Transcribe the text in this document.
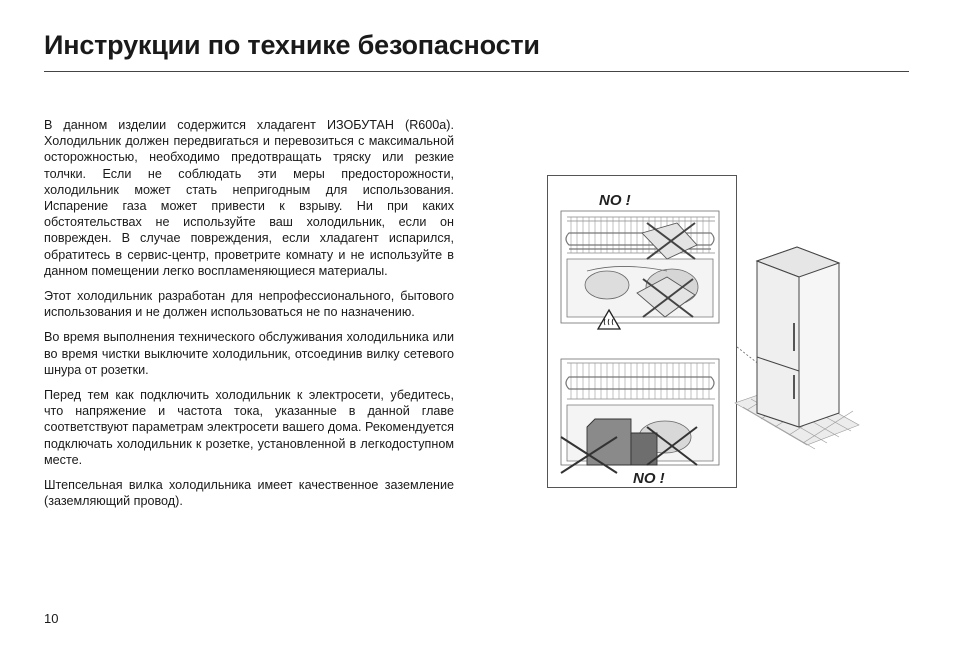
Инструкции по технике безопасности

В данном изделии содержится хладагент ИЗОБУТАН (R600a). Холодильник должен передвигаться и перевозиться с максимальной осторожностью, необходимо предотвращать тряску или резкие толчки. Если не соблюдать эти меры предосторожности, холодильник может стать непригодным для использования. Испарение газа может привести к взрыву. Ни при каких обстоятельствах не используйте ваш холодильник, если он поврежден. В случае повреждения, если хладагент испарился, обратитесь в сервис-центр, проветрите комнату и не используйте в данном помещении легко воспламеняющиеся материалы.

Этот холодильник разработан для непрофессионального, бытового использования и не должен использоваться не по назначению.

Во время выполнения технического обслуживания холодильника или во время чистки выключите холодильник, отсоединив вилку сетевого шнура от розетки.

Перед тем как подключить холодильник к электросети, убедитесь, что напряжение и частота тока, указанные в данной главе соответствуют параметрам электросети вашего дома. Рекомендуется подключать холодильник к розетке, установленной в легкодоступном месте.

Штепсельная вилка холодильника имеет качественное заземление (заземляющий провод).

NO !
NO !
10
